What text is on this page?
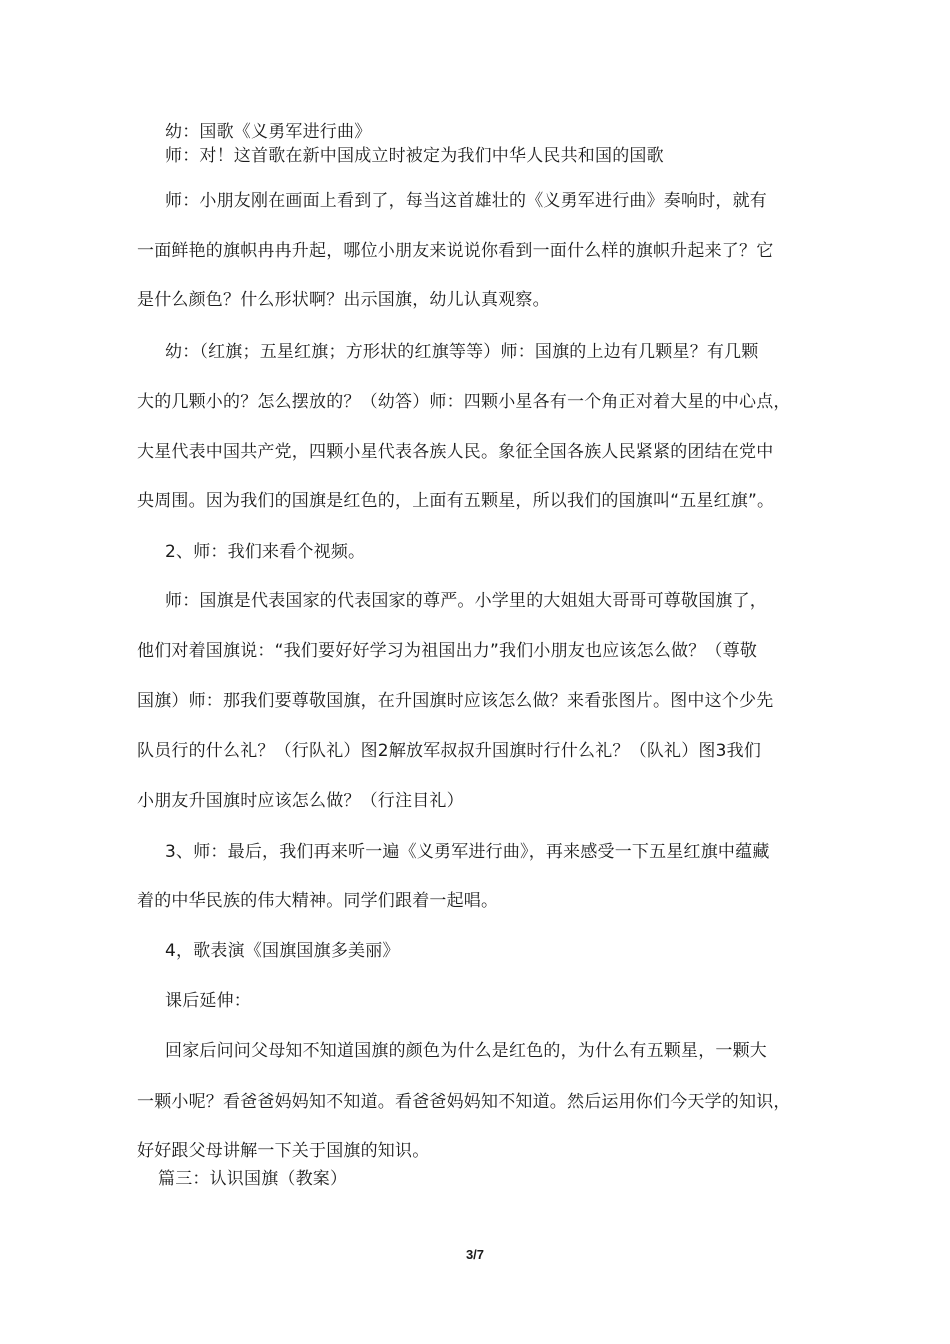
幼：国歌《义勇军进行曲》
师：对！这首歌在新中国成立时被定为我们中华人民共和国的国歌
师：小朋友刚在画面上看到了，每当这首雄壮的《义勇军进行曲》奏响时，就有
一面鲜艳的旗帜冉冉升起，哪位小朋友来说说你看到一面什么样的旗帜升起来了？它
是什么颜色？什么形状啊？出示国旗，幼儿认真观察。
幼：（红旗；五星红旗；方形状的红旗等等）师：国旗的上边有几颗星？有几颗
大的几颗小的？怎么摆放的？（幼答）师：四颗小星各有一个角正对着大星的中心点，
大星代表中国共产党，四颗小星代表各族人民。象征全国各族人民紧紧的团结在党中
央周围。因为我们的国旗是红色的，上面有五颗星，所以我们的国旗叫“五星红旗”。
2、师：我们来看个视频。
师：国旗是代表国家的代表国家的尊严。小学里的大姐姐大哥哥可尊敬国旗了，
他们对着国旗说：“我们要好好学习为祖国出力”我们小朋友也应该怎么做？（尊敬
国旗）师：那我们要尊敬国旗，在升国旗时应该怎么做？来看张图片。图中这个少先
队员行的什么礼？（行队礼）图2解放军叔叔升国旗时行什么礼？（队礼）图3我们
小朋友升国旗时应该怎么做？（行注目礼）
3、师：最后，我们再来听一遍《义勇军进行曲》，再来感受一下五星红旗中蕴藏
着的中华民族的伟大精神。同学们跟着一起唱。
4，歌表演《国旗国旗多美丽》
课后延伸：
回家后问问父母知不知道国旗的颜色为什么是红色的，为什么有五颗星，一颗大
一颗小呢？看爸爸妈妈知不知道。看爸爸妈妈知不知道。然后运用你们今天学的知识，
好好跟父母讲解一下关于国旗的知识。
篇三：认识国旗（教案）
3/7
